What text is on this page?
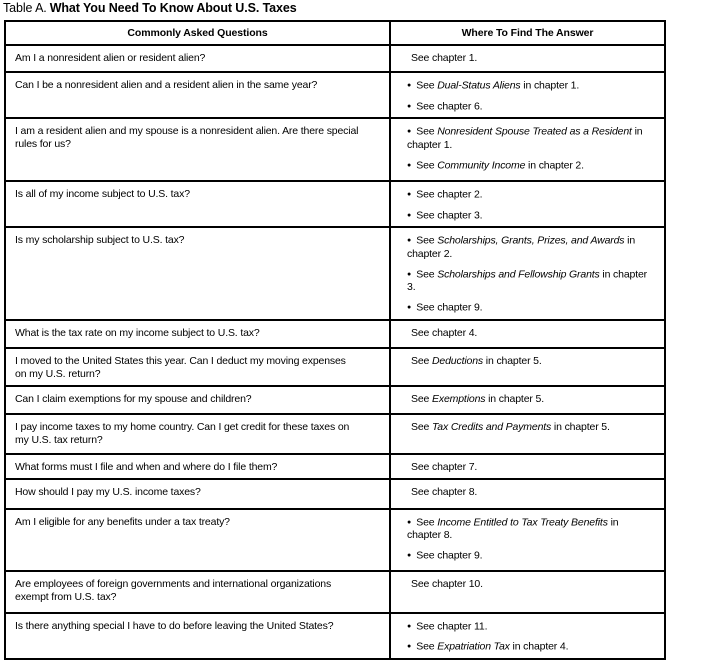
Table A. What You Need To Know About U.S. Taxes
Commonly Asked Questions	Where To Find The Answer

Am I a nonresident alien or resident alien?	See chapter 1.

Can I be a nonresident alien and a resident alien in the same year?	● See Dual-Status Aliens in chapter 1.
● See chapter 6.

I am a resident alien and my spouse is a nonresident alien. Are there special rules for us?	● See Nonresident Spouse Treated as a Resident in chapter 1.
● See Community Income in chapter 2.

Is all of my income subject to U.S. tax?	● See chapter 2.
● See chapter 3.

Is my scholarship subject to U.S. tax?	● See Scholarships, Grants, Prizes, and Awards in chapter 2.
● See Scholarships and Fellowship Grants in chapter 3.
● See chapter 9.

What is the tax rate on my income subject to U.S. tax?	See chapter 4.

I moved to the United States this year. Can I deduct my moving expenses on my U.S. return?	See Deductions in chapter 5.

Can I claim exemptions for my spouse and children?	See Exemptions in chapter 5.

I pay income taxes to my home country. Can I get credit for these taxes on my U.S. tax return?	See Tax Credits and Payments in chapter 5.

What forms must I file and when and where do I file them?	See chapter 7.

How should I pay my U.S. income taxes?	See chapter 8.

Am I eligible for any benefits under a tax treaty?	● See Income Entitled to Tax Treaty Benefits in chapter 8.
● See chapter 9.

Are employees of foreign governments and international organizations exempt from U.S. tax?	See chapter 10.

Is there anything special I have to do before leaving the United States?	● See chapter 11.
● See Expatriation Tax in chapter 4.
